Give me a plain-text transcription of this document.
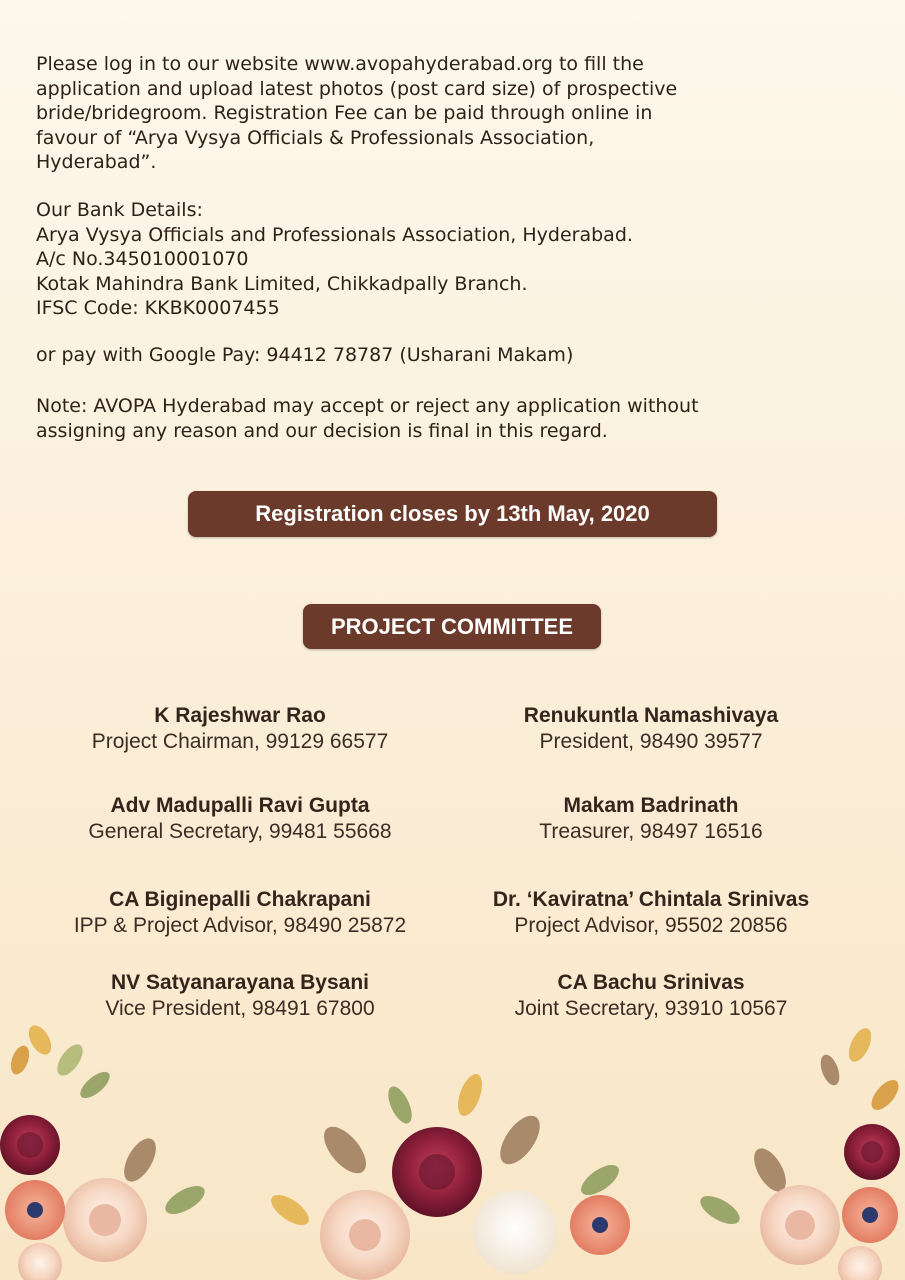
Please log in to our website www.avopahyderabad.org to fill the

application and upload latest photos (post card size) of prospective

bride/bridegroom. Registration Fee can be paid through online in

favour of “Arya Vysya Officials & Professionals Association,

Hyderabad”.

Our Bank Details:

Arya Vysya Officials and Professionals Association, Hyderabad.

A/c No.345010001070

Kotak Mahindra Bank Limited, Chikkadpally Branch.

IFSC Code: KKBK0007455

or pay with Google Pay: 94412 78787 (Usharani Makam)

Note: AVOPA Hyderabad may accept or reject any application without

assigning any reason and our decision is final in this regard.

Registration closes by 13th May, 2020
PROJECT COMMITTEE
K Rajeshwar Rao
Project Chairman, 99129 66577
Renukuntla Namashivaya
President, 98490 39577
Adv Madupalli Ravi Gupta
General Secretary, 99481 55668
Makam Badrinath
Treasurer, 98497 16516
CA Biginepalli Chakrapani
IPP & Project Advisor, 98490 25872
Dr. ‘Kaviratna’ Chintala Srinivas
Project Advisor, 95502 20856
NV Satyanarayana Bysani
Vice President, 98491 67800
CA Bachu Srinivas
Joint Secretary, 93910 10567
